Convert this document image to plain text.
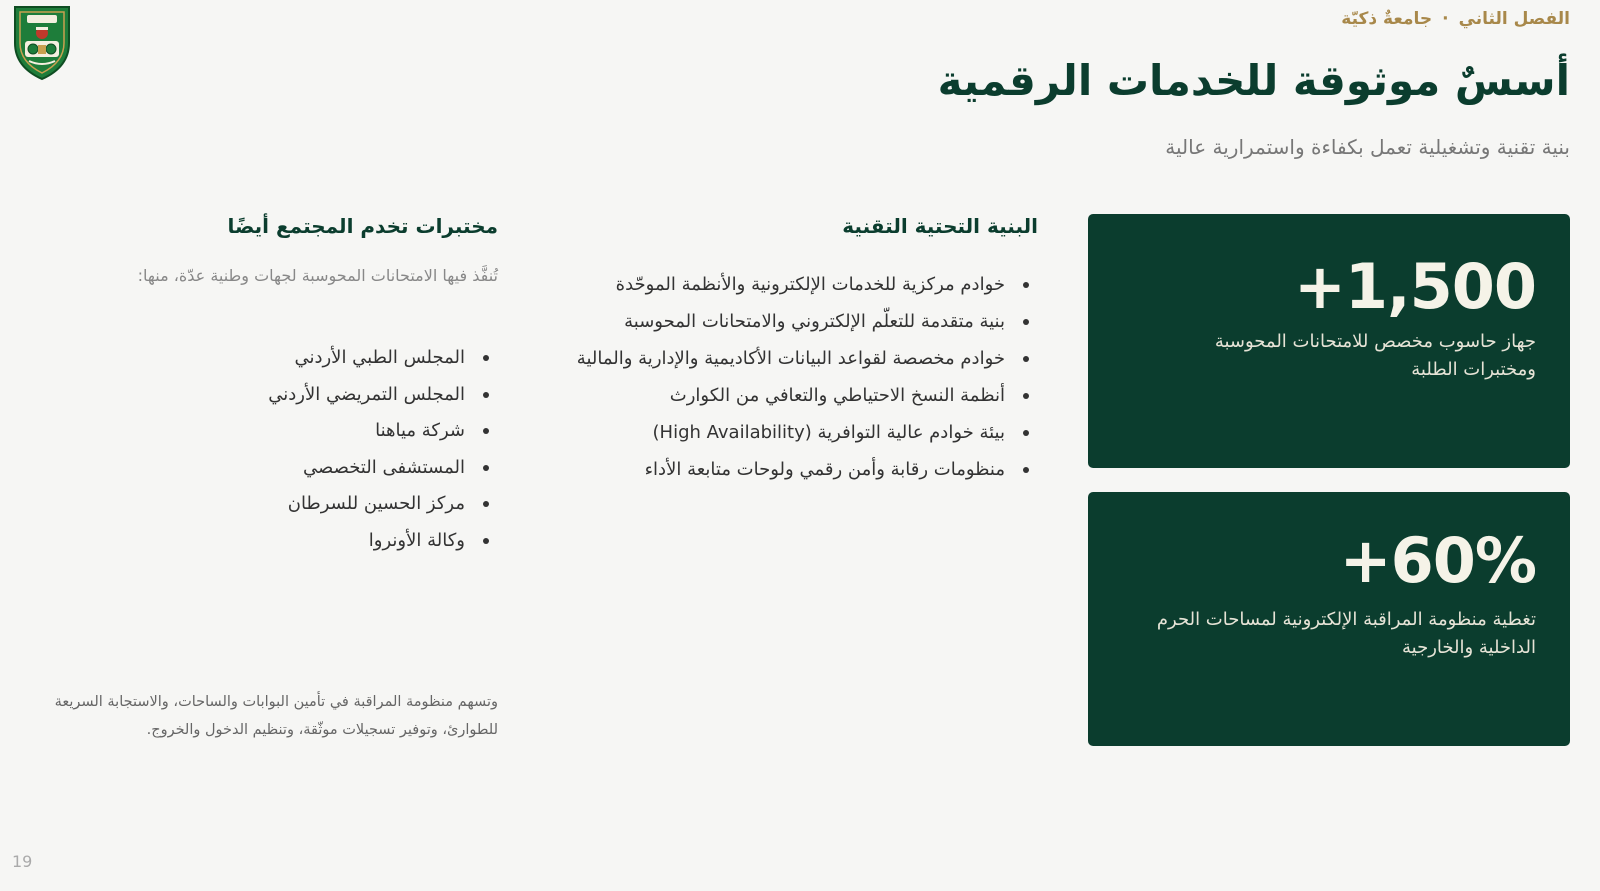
الفصل الثاني·جامعةٌ ذكيّة
أسسٌ موثوقة للخدمات الرقمية
بنية تقنية وتشغيلية تعمل بكفاءة واستمرارية عالية
+1,500
جهاز حاسوب مخصص للامتحانات المحوسبة ومختبرات الطلبة
+60%
تغطية منظومة المراقبة الإلكترونية لمساحات الحرم الداخلية والخارجية
البنية التحتية التقنية
خوادم مركزية للخدمات الإلكترونية والأنظمة الموحّدة
بنية متقدمة للتعلّم الإلكتروني والامتحانات المحوسبة
خوادم مخصصة لقواعد البيانات الأكاديمية والإدارية والمالية
أنظمة النسخ الاحتياطي والتعافي من الكوارث
بيئة خوادم عالية التوافرية (High Availability)
منظومات رقابة وأمن رقمي ولوحات متابعة الأداء
مختبرات تخدم المجتمع أيضًا
تُنفَّذ فيها الامتحانات المحوسبة لجهات وطنية عدّة، منها:
المجلس الطبي الأردني
المجلس التمريضي الأردني
شركة مياهنا
المستشفى التخصصي
مركز الحسين للسرطان
وكالة الأونروا
وتسهم منظومة المراقبة في تأمين البوابات والساحات، والاستجابة السريعة للطوارئ، وتوفير تسجيلات موثّقة، وتنظيم الدخول والخروج.
19
